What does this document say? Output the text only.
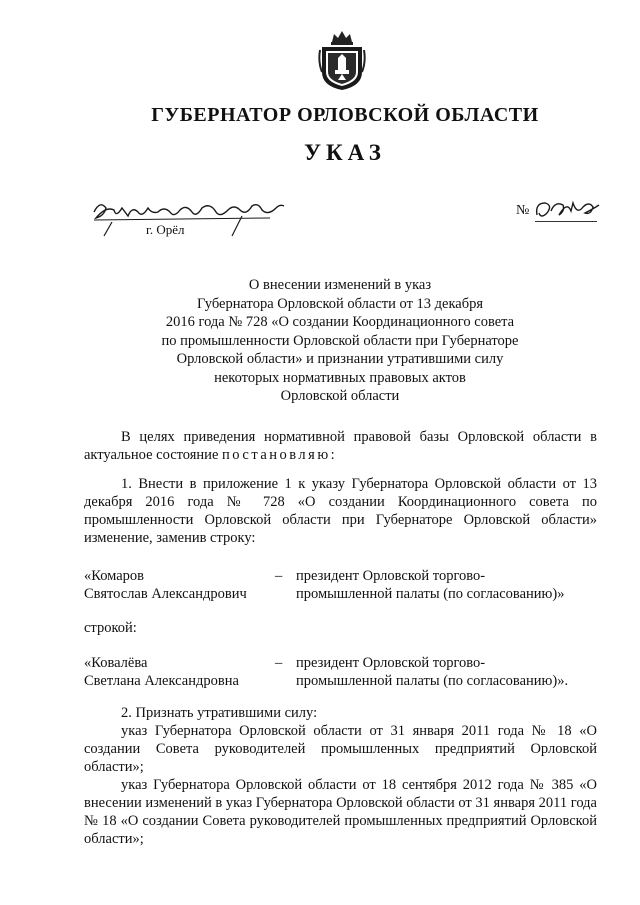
ГУБЕРНАТОР ОРЛОВСКОЙ ОБЛАСТИ
УКАЗ
г. Орёл
№
О внесении изменений в указ
Губернатора Орловской области от 13 декабря
2016 года № 728 «О создании Координационного совета
по промышленности Орловской области при Губернаторе
Орловской области» и признании утратившими силу
некоторых нормативных правовых актов
Орловской области
В целях приведения нормативной правовой базы Орловской области в актуальное состояние постановляю:
1. Внести в приложение 1 к указу Губернатора Орловской области от 13 декабря 2016 года № 728 «О создании Координационного совета по промышленности Орловской области при Губернаторе Орловской области» изменение, заменив строку:
«Комаров
Святослав Александрович
– президент Орловской торгово-
промышленной палаты (по согласованию)»
строкой:
«Ковалёва
Светлана Александровна
– президент Орловской торгово-
промышленной палаты (по согласованию)».
2. Признать утратившими силу:
указ Губернатора Орловской области от 31 января 2011 года № 18 «О создании Совета руководителей промышленных предприятий Орловской области»;
указ Губернатора Орловской области от 18 сентября 2012 года № 385 «О внесении изменений в указ Губернатора Орловской области от 31 января 2011 года № 18 «О создании Совета руководителей промышленных предприятий Орловской области»;
